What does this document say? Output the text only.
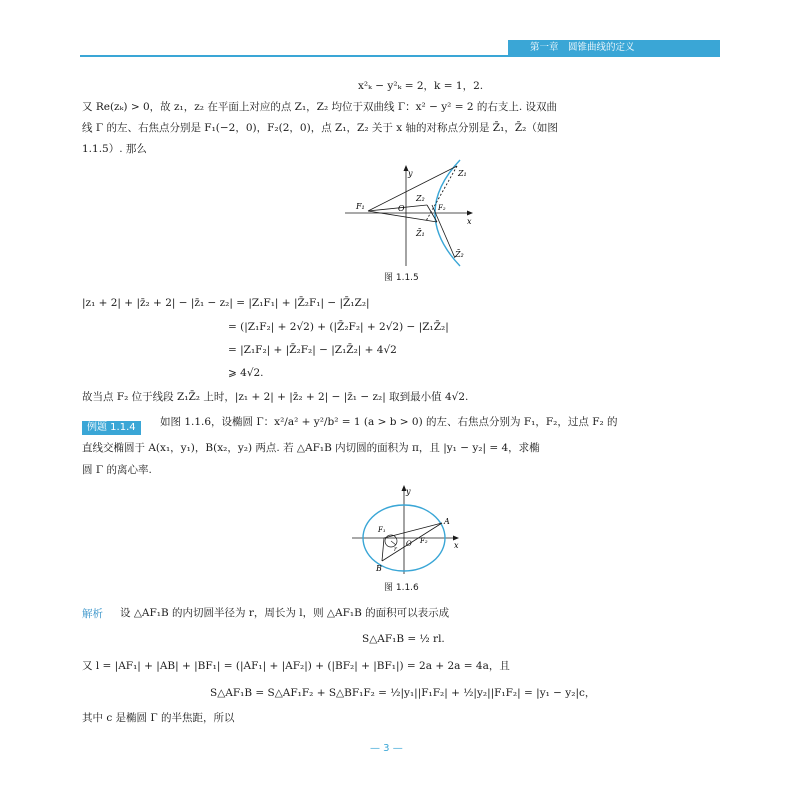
第一章　圆锥曲线的定义
x²ₖ − y²ₖ = 2，k = 1，2.
又 Re(zₖ) > 0，故 z₁，z₂ 在平面上对应的点 Z₁，Z₂ 均位于双曲线 Γ：x² − y² = 2 的右支上. 设双曲
线 Γ 的左、右焦点分别是 F₁(−2，0)，F₂(2，0)，点 Z₁，Z₂ 关于 x 轴的对称点分别是 Z̄₁，Z̄₂（如图
1.1.5）. 那么
y
x
O
F₁	F₂
Z₁
Z₂
Z̄₁
Z̄₂
图 1.1.5
|z₁ + 2| + |z̄₂ + 2| − |z̄₁ − z₂| = |Z₁F₁| + |Z̄₂F₁| − |Z̄₁Z₂|
= (|Z₁F₂| + 2√2) + (|Z̄₂F₂| + 2√2) − |Z₁Z̄₂|
= |Z₁F₂| + |Z̄₂F₂| − |Z₁Z̄₂| + 4√2
⩾ 4√2.
故当点 F₂ 位于线段 Z₁Z̄₂ 上时，|z₁ + 2| + |z̄₂ + 2| − |z̄₁ − z₂| 取到最小值 4√2.
例题 1.1.4	如图 1.1.6，设椭圆 Γ：x²/a² + y²/b² = 1 (a > b > 0) 的左、右焦点分别为 F₁，F₂，过点 F₂ 的
直线交椭圆于 A(x₁，y₁)，B(x₂，y₂) 两点. 若 △AF₁B 内切圆的面积为 π，且 |y₁ − y₂| = 4，求椭
圆 Γ 的离心率.
y
x
O
F₁
F₂
A
B
r
图 1.1.6
解析 设 △AF₁B 的内切圆半径为 r，周长为 l，则 △AF₁B 的面积可以表示成
S△AF₁B = ½ rl.
又 l = |AF₁| + |AB| + |BF₁| = (|AF₁| + |AF₂|) + (|BF₂| + |BF₁|) = 2a + 2a = 4a，且
S△AF₁B = S△AF₁F₂ + S△BF₁F₂ = ½|y₁||F₁F₂| + ½|y₂||F₁F₂| = |y₁ − y₂|c，
其中 c 是椭圆 Γ 的半焦距，所以
— 3 —
